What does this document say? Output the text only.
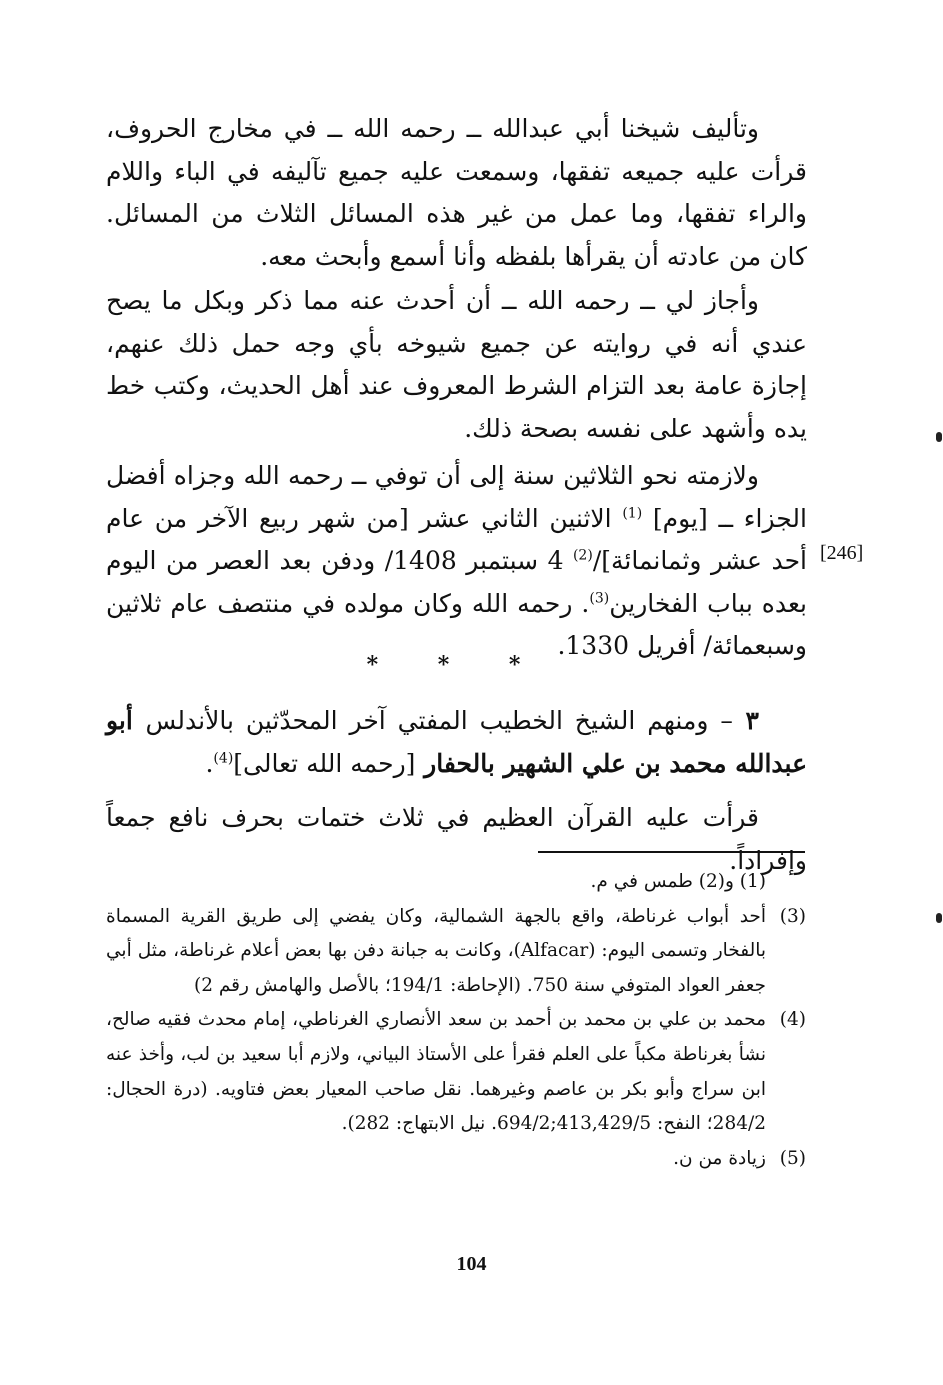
وتأليف شيخنا أبي عبدالله ــ رحمه الله ــ في مخارج الحروف، قرأت عليه جميعه تفقها، وسمعت عليه جميع تآليفه في الباء واللام والراء تفقها، وما عمل من غير هذه المسائل الثلاث من المسائل. كان من عادته أن يقرأها بلفظه وأنا أسمع وأبحث معه.

وأجاز لي ــ رحمه الله ــ أن أحدث عنه مما ذكر وبكل ما يصح عندي أنه في روايته عن جميع شيوخه بأي وجه حمل ذلك عنهم، إجازة عامة بعد التزام الشرط المعروف عند أهل الحديث، وكتب خط يده وأشهد على نفسه بصحة ذلك.

ولازمته نحو الثلاثين سنة إلى أن توفي ــ رحمه الله وجزاه أفضل الجزاء ــ [يوم] $^{(1)}$ الاثنين الثاني عشر [من شهر ربيع الآخر من عام أحد عشر وثمانمائة]/$^{(2)}$ 4 سبتمبر 1408/ ودفن بعد العصر من اليوم بعده بباب الفخارين$^{(3)}$. رحمه الله وكان مولده في منتصف عام ثلاثين وسبعمائة/ أفريل 1330.

* * *

٣ – ومنهم الشيخ الخطيب المفتي آخر المحدّثين بالأندلس أبو عبدالله محمد بن علي الشهير بالحفار [رحمه الله تعالى]$^{(4)}$.

قرأت عليه القرآن العظيم في ثلاث ختمات بحرف نافع جمعاً وإفراداً.

[246]
(1) و(2) طمس في م.
(3)
أحد أبواب غرناطة، واقع بالجهة الشمالية، وكان يفضي إلى طريق القرية المسماة بالفخار وتسمى اليوم: (Alfacar)، وكانت به جبانة دفن بها بعض أعلام غرناطة، مثل أبي جعفر العواد المتوفي سنة 750. (الإحاطة: 194/1؛ بالأصل والهامش رقم 2)
(4)
محمد بن علي بن محمد بن أحمد بن سعد الأنصاري الغرناطي، إمام محدث فقيه صالح، نشأ بغرناطة مكباً على العلم فقرأ على الأستاذ البياني، ولازم أبا سعيد بن لب، وأخذ عنه ابن سراج وأبو بكر بن عاصم وغيرهما. نقل صاحب المعيار بعض فتاويه. (درة الحجال: 284/2؛ النفح: 413,429/5;694/2. نيل الابتهاج: 282).
(5)
زيادة من ن.
104
